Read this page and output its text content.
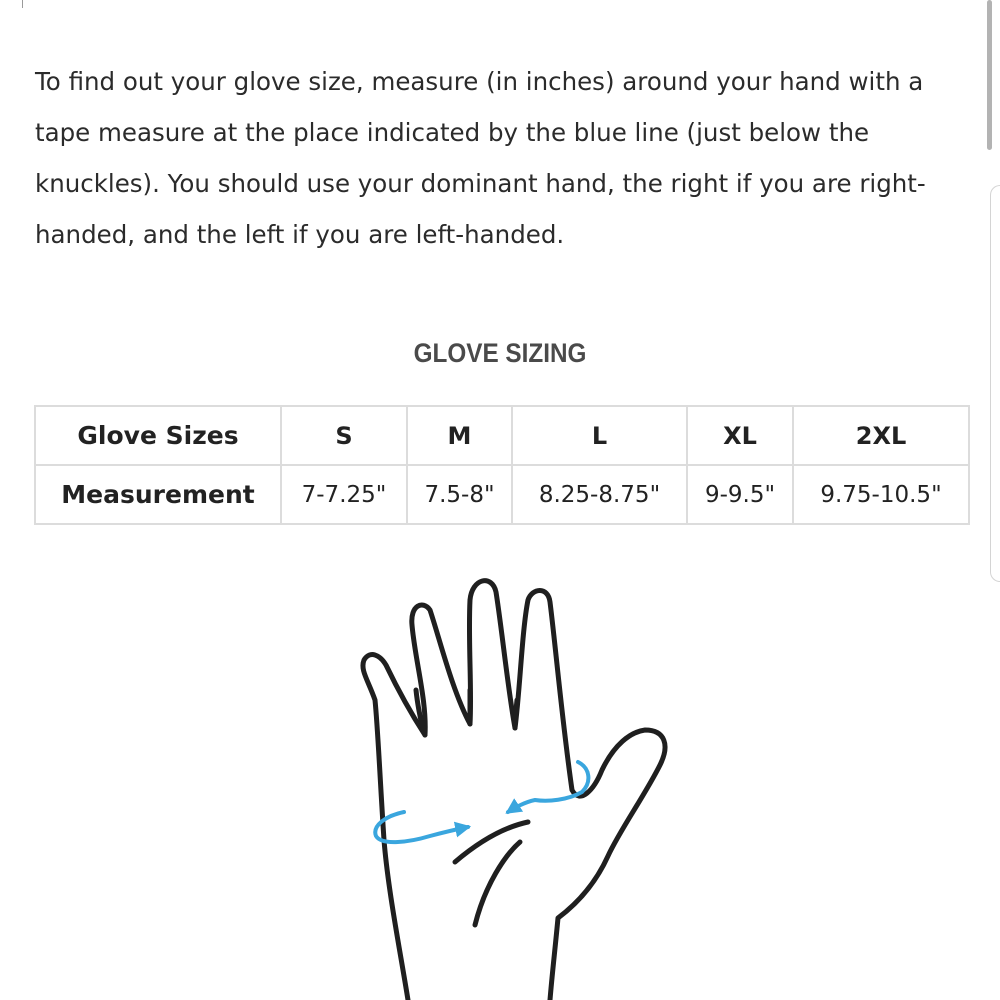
To find out your glove size, measure (in inches) around your hand with a
tape measure at the place indicated by the blue line (just below the
knuckles). You should use your dominant hand, the right if you are right-
handed, and the left if you are left-handed.

GLOVE SIZING
Glove Sizes	S	M	L	XL	2XL
Measurement	7-7.25"	7.5-8"	8.25-8.75"	9-9.5"	9.75-10.5"
